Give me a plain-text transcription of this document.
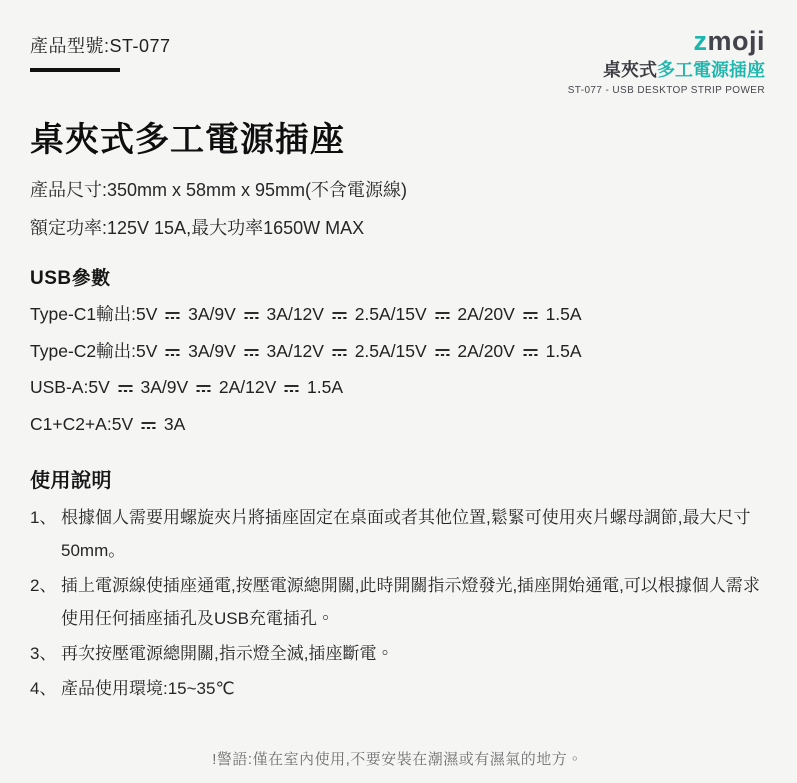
產品型號:ST-077	zmoji
桌夾式多工電源插座
ST-077 - USB DESKTOP STRIP POWER
桌夾式多工電源插座
產品尺寸:350mm x 58mm x 95mm(不含電源線)
額定功率:125V 15A,最大功率1650W MAX
USB參數
Type-C1輸出:5V  3A/9V  3A/12V  2.5A/15V  2A/20V  1.5A
Type-C2輸出:5V  3A/9V  3A/12V  2.5A/15V  2A/20V  1.5A
USB-A:5V  3A/9V  2A/12V  1.5A
C1+C2+A:5V  3A
使用說明
1、 根據個人需要用螺旋夾片將插座固定在桌面或者其他位置,鬆緊可使用夾片螺母調節,最大尺寸50mm。
2、 插上電源線使插座通電,按壓電源總開關,此時開關指示燈發光,插座開始通電,可以根據個人需求使用任何插座插孔及USB充電插孔。
3、 再次按壓電源總開關,指示燈全滅,插座斷電。
4、 產品使用環境:15~35℃
!警語:僅在室內使用,不要安裝在潮濕或有濕氣的地方。
